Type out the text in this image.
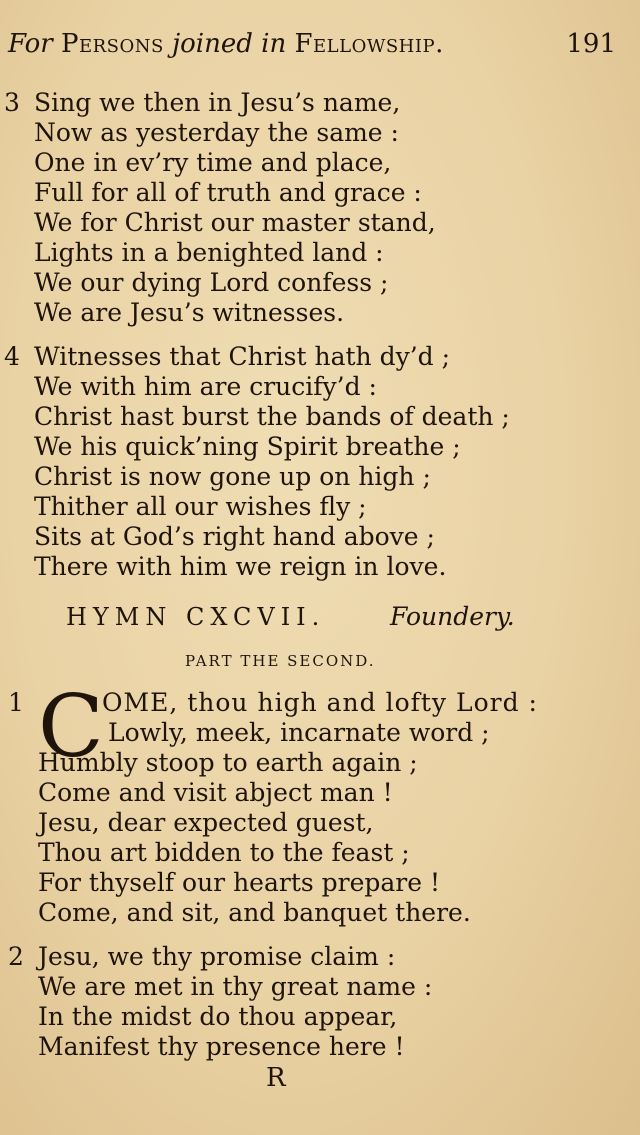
For Persons joined in Fellowship.	191
3 Sing we then in Jesu’s name,
Now as yesterday the same :
One in ev’ry time and place,
Full for all of truth and grace :
We for Christ our master stand,
Lights in a benighted land :
We our dying Lord confess ;
We are Jesu’s witnesses.
4 Witnesses that Christ hath dy’d ;
We with him are crucify’d :
Christ hast burst the bands of death ;
We his quick’ning Spirit breathe ;
Christ is now gone up on high ;
Thither all our wishes fly ;
Sits at God’s right hand above ;
There with him we reign in love.
HYMN CXCVII.	Foundery.
PART THE SECOND.
1 C
OME, thou high and lofty Lord :
Lowly, meek, incarnate word ;
Humbly stoop to earth again ;
Come and visit abject man !
Jesu, dear expected guest,
Thou art bidden to the feast ;
For thyself our hearts prepare !
Come, and sit, and banquet there.
2 Jesu, we thy promise claim :
We are met in thy great name :
In the midst do thou appear,
Manifest thy presence here !
R
